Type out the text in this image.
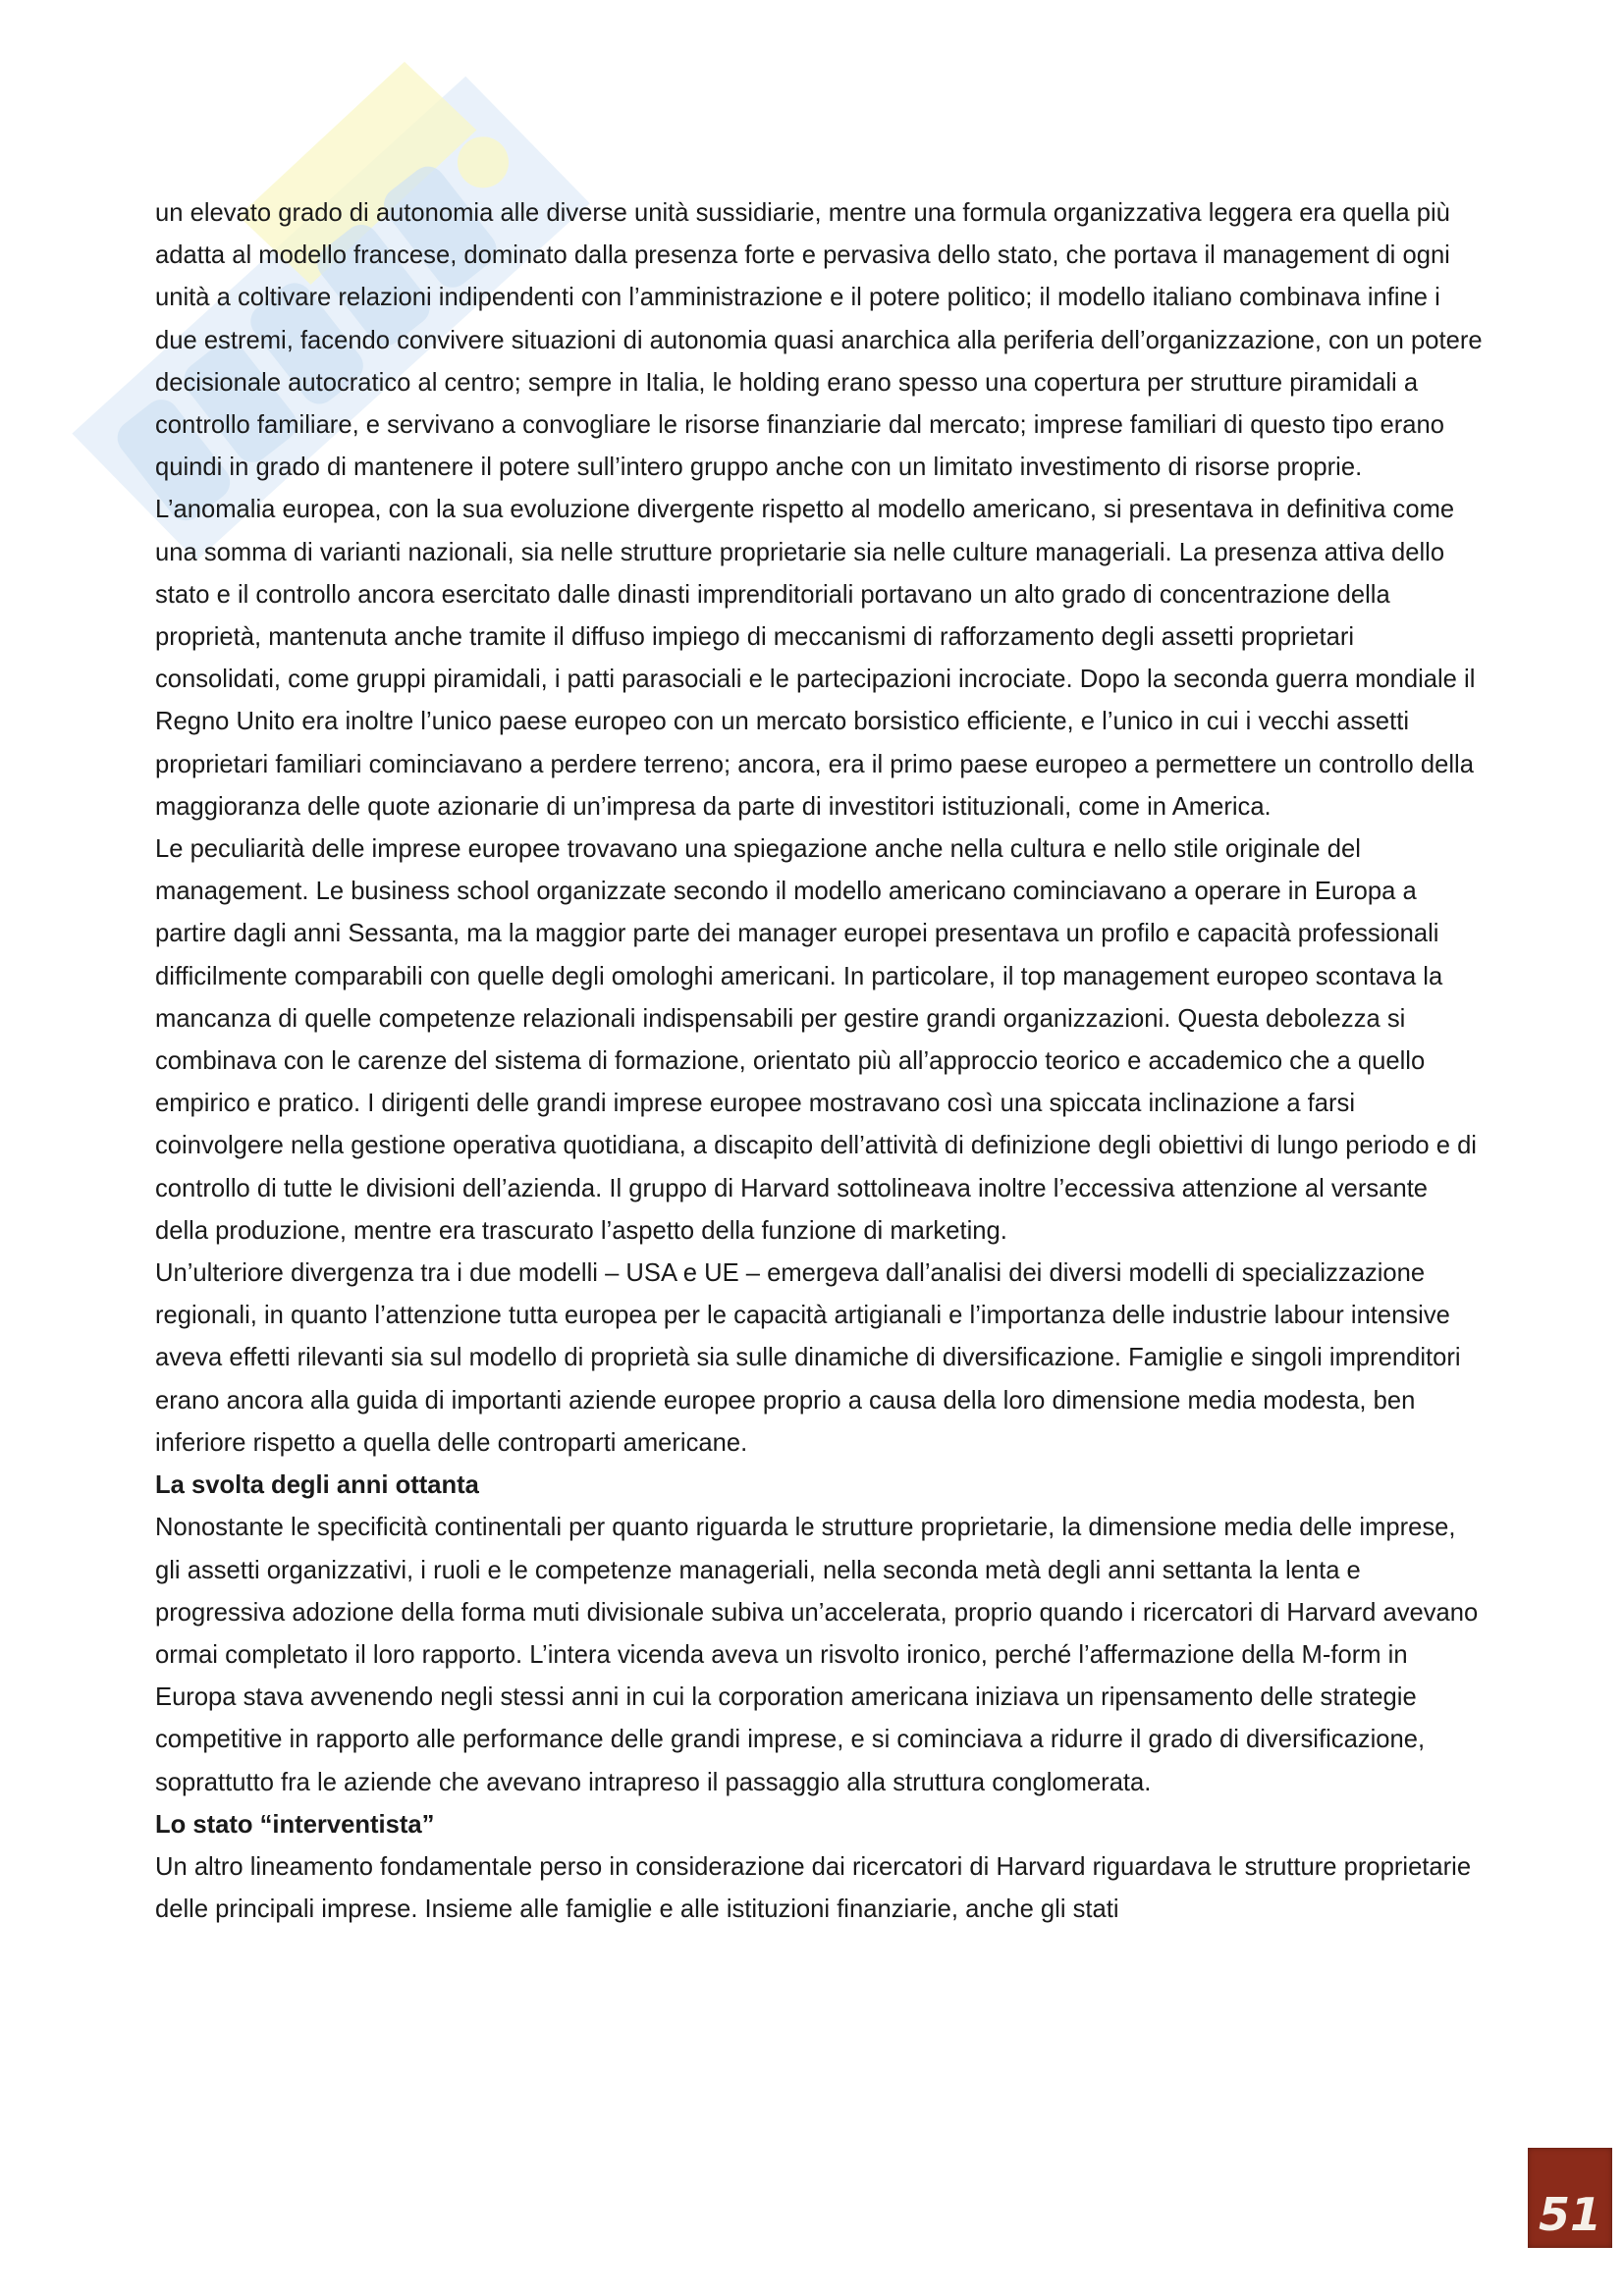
un elevato grado di autonomia alle diverse unità sussidiarie, mentre una formula organizzativa leggera era quella più adatta al modello francese, dominato dalla presenza forte e pervasiva dello stato, che portava il management di ogni unità a coltivare relazioni indipendenti con l’amministrazione e il potere politico; il modello italiano combinava infine i due estremi, facendo convivere situazioni di autonomia quasi anarchica alla periferia dell’organizzazione, con un potere decisionale autocratico al centro; sempre in Italia, le holding erano spesso una copertura per strutture piramidali a controllo familiare, e servivano a convogliare le risorse finanziarie dal mercato; imprese familiari di questo tipo erano quindi in grado di mantenere il potere sull’intero gruppo anche con un limitato investimento di risorse proprie.

L’anomalia europea, con la sua evoluzione divergente rispetto al modello americano, si presentava in definitiva come una somma di varianti nazionali, sia nelle strutture proprietarie sia nelle culture manageriali. La presenza attiva dello stato e il controllo ancora esercitato dalle dinasti imprenditoriali portavano un alto grado di concentrazione della proprietà, mantenuta anche tramite il diffuso impiego di meccanismi di rafforzamento degli assetti proprietari consolidati, come gruppi piramidali, i patti parasociali e le partecipazioni incrociate. Dopo la seconda guerra mondiale il Regno Unito era inoltre l’unico paese europeo con un mercato borsistico efficiente, e l’unico in cui i vecchi assetti proprietari familiari cominciavano a perdere terreno; ancora, era il primo paese europeo a permettere un controllo della maggioranza delle quote azionarie di un’impresa da parte di investitori istituzionali, come in America.

Le peculiarità delle imprese europee trovavano una spiegazione anche nella cultura e nello stile originale del management. Le business school organizzate secondo il modello americano cominciavano a operare in Europa a partire dagli anni Sessanta, ma la maggior parte dei manager europei presentava un profilo e capacità professionali difficilmente comparabili con quelle degli omologhi americani. In particolare, il top management europeo scontava la mancanza di quelle competenze relazionali indispensabili per gestire grandi organizzazioni. Questa debolezza si combinava con le carenze del sistema di formazione, orientato più all’approccio teorico e accademico che a quello empirico e pratico. I dirigenti delle grandi imprese europee mostravano così una spiccata inclinazione a farsi coinvolgere nella gestione operativa quotidiana, a discapito dell’attività di definizione degli obiettivi di lungo periodo e di controllo di tutte le divisioni dell’azienda. Il gruppo di Harvard sottolineava inoltre l’eccessiva attenzione al versante della produzione, mentre era trascurato l’aspetto della funzione di marketing.

Un’ulteriore divergenza tra i due modelli – USA e UE – emergeva dall’analisi dei diversi modelli di specializzazione regionali, in quanto l’attenzione tutta europea per le capacità artigianali e l’importanza delle industrie labour intensive aveva effetti rilevanti sia sul modello di proprietà sia sulle dinamiche di diversificazione. Famiglie e singoli imprenditori erano ancora alla guida di importanti aziende europee proprio a causa della loro dimensione media modesta, ben inferiore rispetto a quella delle controparti americane.

La svolta degli anni ottanta

Nonostante le specificità continentali per quanto riguarda le strutture proprietarie, la dimensione media delle imprese, gli assetti organizzativi, i ruoli e le competenze manageriali, nella seconda metà degli anni settanta la lenta e progressiva adozione della forma muti divisionale subiva un’accelerata, proprio quando i ricercatori di Harvard avevano ormai completato il loro rapporto. L’intera vicenda aveva un risvolto ironico, perché l’affermazione della M-form in Europa stava avvenendo negli stessi anni in cui la corporation americana iniziava un ripensamento delle strategie competitive in rapporto alle performance delle grandi imprese, e si cominciava a ridurre il grado di diversificazione, soprattutto fra le aziende che avevano intrapreso il passaggio alla struttura conglomerata.

Lo stato “interventista”

Un altro lineamento fondamentale perso in considerazione dai ricercatori di Harvard riguardava le strutture proprietarie delle principali imprese. Insieme alle famiglie e alle istituzioni finanziarie, anche gli stati

51
